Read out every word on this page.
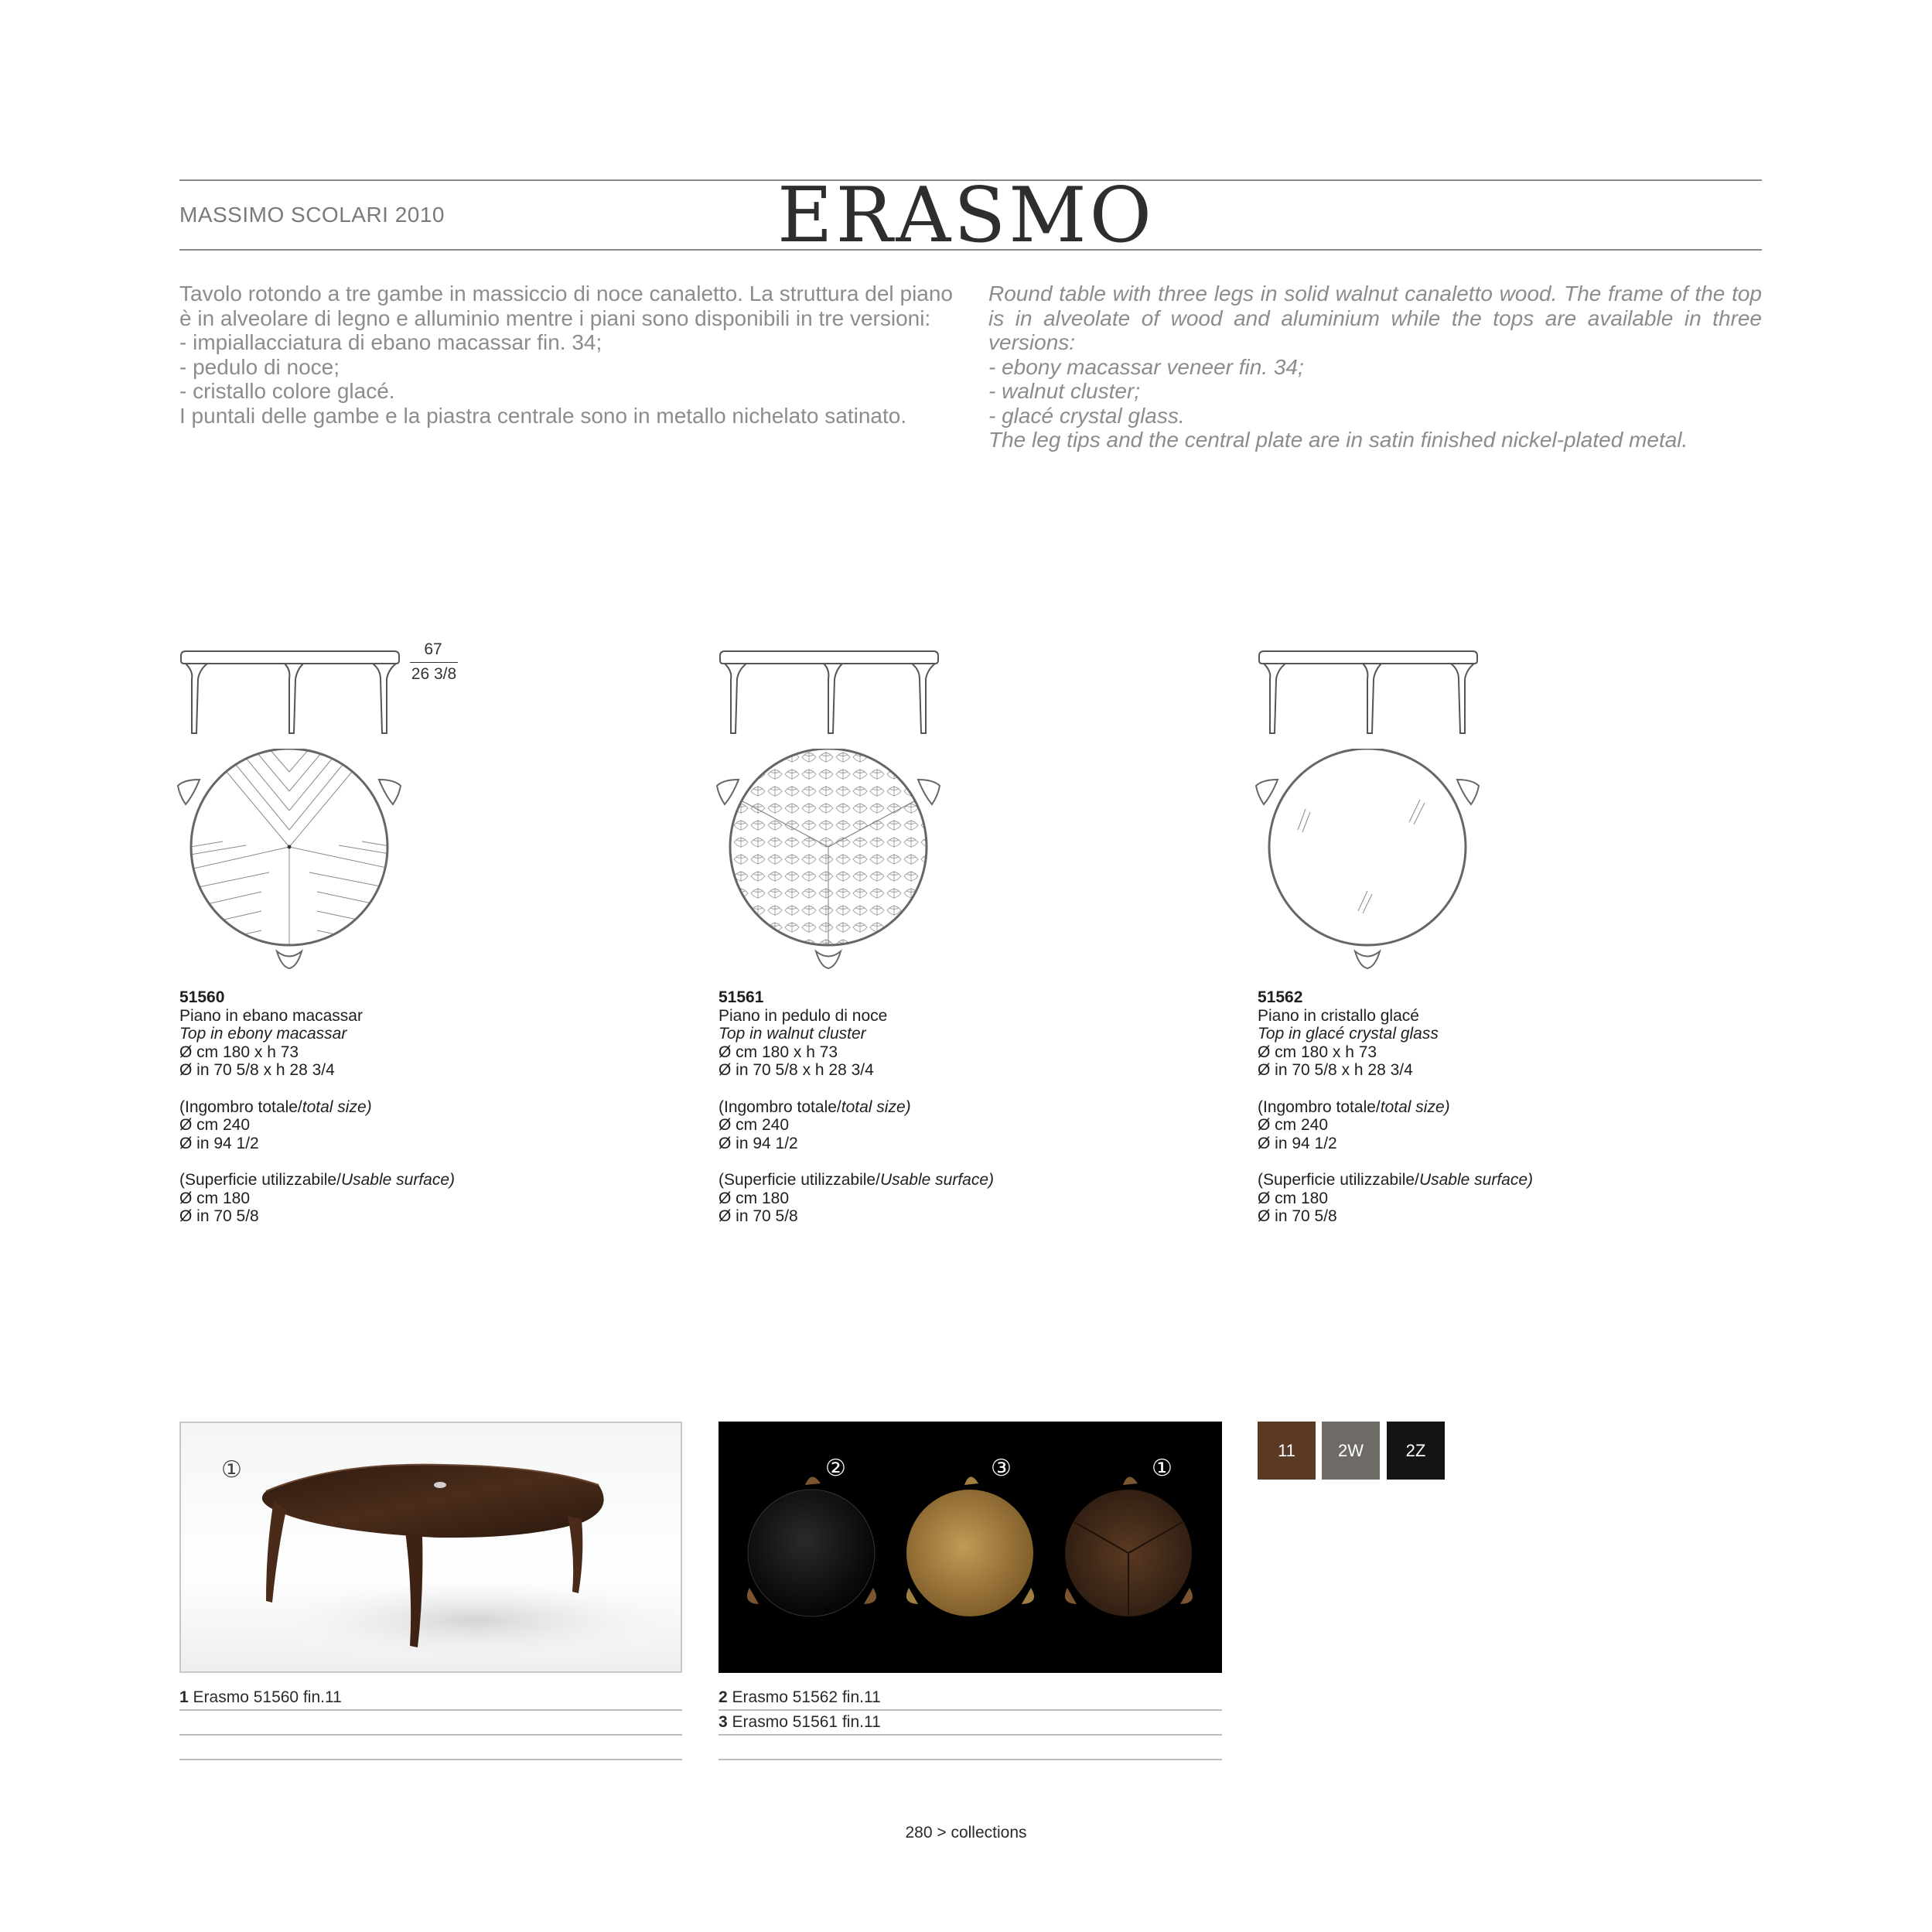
MASSIMO SCOLARI 2010	ERASMO

Tavolo rotondo a tre gambe in massiccio di noce canaletto. La struttura del piano è in alveolare di legno e alluminio mentre i piani sono disponibili in tre versioni:

- impiallacciatura di ebano macassar fin. 34;

- pedulo di noce;

- cristallo colore glacé.

I puntali delle gambe e la piastra centrale sono in metallo nichelato satinato.

Round table with three legs in solid walnut canaletto wood. The frame of the top is in alveolate of wood and aluminium while the tops are available in three versions:

- ebony macassar veneer fin. 34;

- walnut cluster;

- glacé crystal glass.

The leg tips and the central plate are in satin finished nickel-plated metal.

67
26 3/8
51560
Piano in ebano macassar
Top in ebony macassar
Ø cm 180 x h 73
Ø in 70 5/8 x h 28 3/4
(Ingombro totale/total size)
Ø cm 240
Ø in 94 1/2
(Superficie utilizzabile/Usable surface)
Ø cm 180
Ø in 70 5/8
51561
Piano in pedulo di noce
Top in walnut cluster
Ø cm 180 x h 73
Ø in 70 5/8 x h 28 3/4
(Ingombro totale/total size)
Ø cm 240
Ø in 94 1/2
(Superficie utilizzabile/Usable surface)
Ø cm 180
Ø in 70 5/8
51562
Piano in cristallo glacé
Top in glacé crystal glass
Ø cm 180 x h 73
Ø in 70 5/8 x h 28 3/4
(Ingombro totale/total size)
Ø cm 240
Ø in 94 1/2
(Superficie utilizzabile/Usable surface)
Ø cm 180
Ø in 70 5/8
①	②	③	①
11	2W	2Z
1 Erasmo 51560 fin.11	2 Erasmo 51562 fin.11
3 Erasmo 51561 fin.11
280 > collections
